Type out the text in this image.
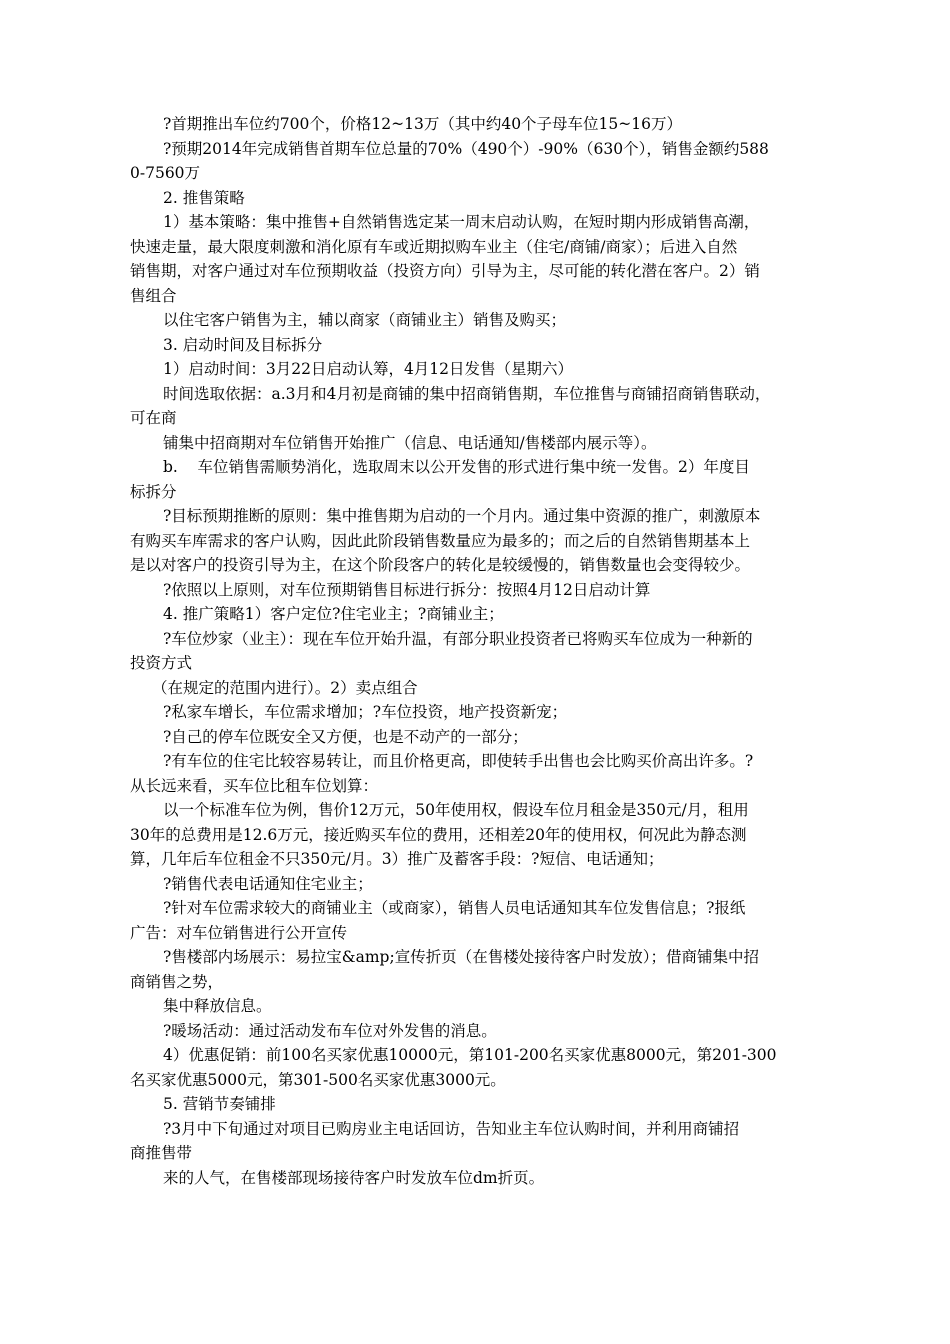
?首期推出车位约700个，价格12~13万（其中约40个子母车位15~16万）
?预期2014年完成销售首期车位总量的70%（490个）-90%（630个），销售金额约588
0-7560万
2. 推售策略
1）基本策略：集中推售+自然销售选定某一周末启动认购，在短时期内形成销售高潮，
快速走量，最大限度刺激和消化原有车或近期拟购车业主（住宅/商铺/商家）；后进入自然
销售期，对客户通过对车位预期收益（投资方向）引导为主，尽可能的转化潜在客户。2）销
售组合
以住宅客户销售为主，辅以商家（商铺业主）销售及购买；
3. 启动时间及目标拆分
1）启动时间：3月22日启动认筹，4月12日发售（星期六）
时间选取依据：a.3月和4月初是商铺的集中招商销售期，车位推售与商铺招商销售联动，
可在商
铺集中招商期对车位销售开始推广（信息、电话通知/售楼部内展示等）。
b.    车位销售需顺势消化，选取周末以公开发售的形式进行集中统一发售。2）年度目
标拆分
?目标预期推断的原则：集中推售期为启动的一个月内。通过集中资源的推广，刺激原本
有购买车库需求的客户认购，因此此阶段销售数量应为最多的；而之后的自然销售期基本上
是以对客户的投资引导为主，在这个阶段客户的转化是较缓慢的，销售数量也会变得较少。
?依照以上原则，对车位预期销售目标进行拆分：按照4月12日启动计算
4. 推广策略1）客户定位?住宅业主；?商铺业主；
?车位炒家（业主）：现在车位开始升温，有部分职业投资者已将购买车位成为一种新的
投资方式
（在规定的范围内进行）。2）卖点组合
?私家车增长，车位需求增加；?车位投资，地产投资新宠；
?自己的停车位既安全又方便，也是不动产的一部分；
?有车位的住宅比较容易转让，而且价格更高，即使转手出售也会比购买价高出许多。?
从长远来看，买车位比租车位划算：
以一个标准车位为例，售价12万元，50年使用权，假设车位月租金是350元/月，租用
30年的总费用是12.6万元，接近购买车位的费用，还相差20年的使用权，何况此为静态测
算，几年后车位租金不只350元/月。3）推广及蓄客手段：?短信、电话通知；
?销售代表电话通知住宅业主；
?针对车位需求较大的商铺业主（或商家），销售人员电话通知其车位发售信息；?报纸
广告：对车位销售进行公开宣传
?售楼部内场展示：易拉宝&amp;宣传折页（在售楼处接待客户时发放）；借商铺集中招
商销售之势，
集中释放信息。
?暖场活动：通过活动发布车位对外发售的消息。
4）优惠促销：前100名买家优惠10000元，第101-200名买家优惠8000元，第201-300
名买家优惠5000元，第301-500名买家优惠3000元。
5. 营销节奏铺排
?3月中下旬通过对项目已购房业主电话回访，告知业主车位认购时间，并利用商铺招
商推售带
来的人气，在售楼部现场接待客户时发放车位dm折页。
